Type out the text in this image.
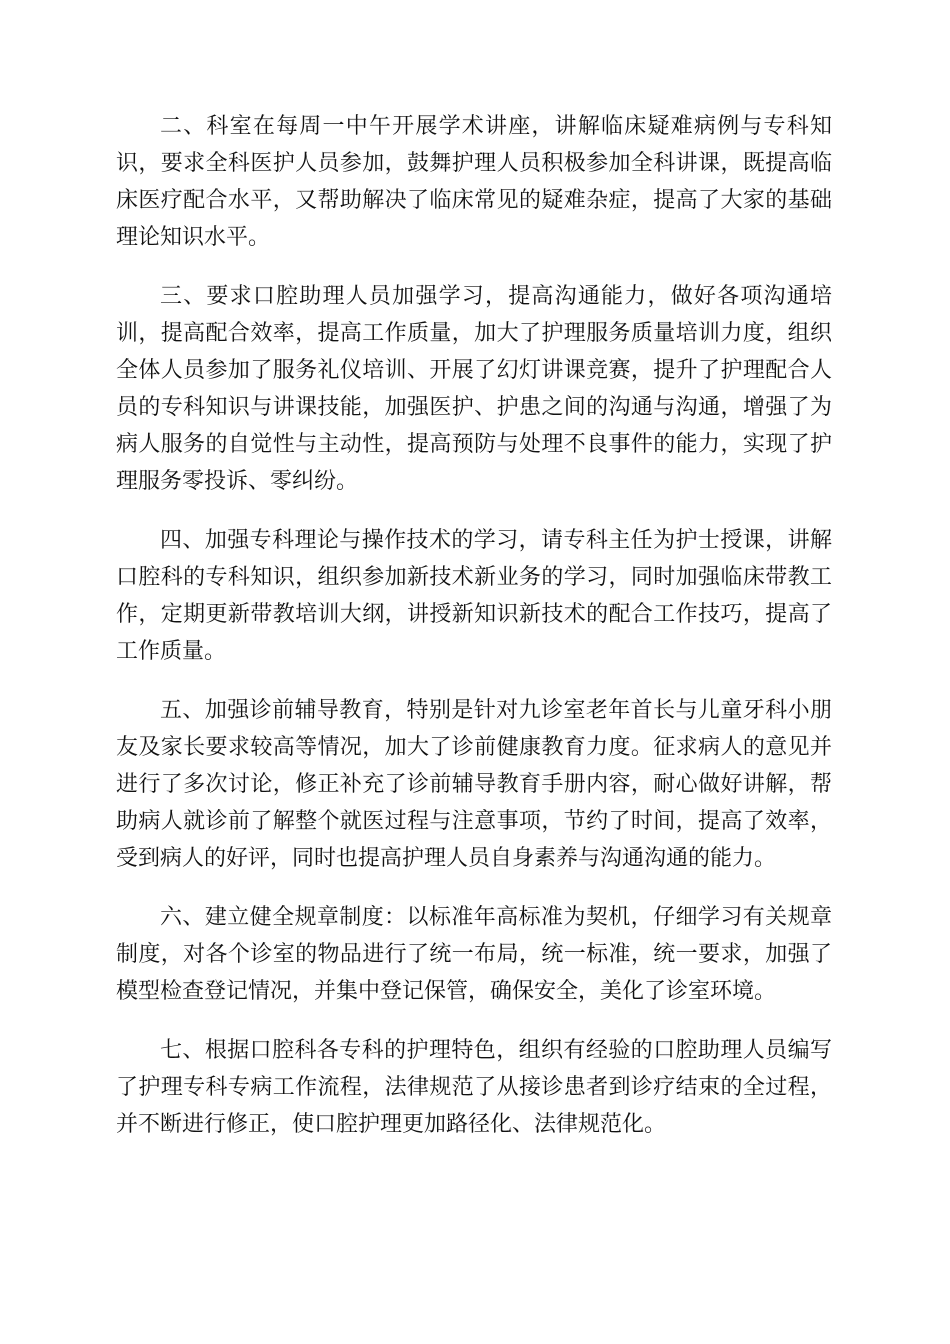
二、科室在每周一中午开展学术讲座，讲解临床疑难病例与专科知识，要求全科医护人员参加，鼓舞护理人员积极参加全科讲课，既提高临床医疗配合水平，又帮助解决了临床常见的疑难杂症，提高了大家的基础理论知识水平。

三、要求口腔助理人员加强学习，提高沟通能力，做好各项沟通培训，提高配合效率，提高工作质量，加大了护理服务质量培训力度，组织全体人员参加了服务礼仪培训、开展了幻灯讲课竞赛，提升了护理配合人员的专科知识与讲课技能，加强医护、护患之间的沟通与沟通，增强了为病人服务的自觉性与主动性，提高预防与处理不良事件的能力，实现了护理服务零投诉、零纠纷。

四、加强专科理论与操作技术的学习，请专科主任为护士授课，讲解口腔科的专科知识，组织参加新技术新业务的学习，同时加强临床带教工作，定期更新带教培训大纲，讲授新知识新技术的配合工作技巧，提高了工作质量。

五、加强诊前辅导教育，特别是针对九诊室老年首长与儿童牙科小朋友及家长要求较高等情况，加大了诊前健康教育力度。征求病人的意见并进行了多次讨论，修正补充了诊前辅导教育手册内容，耐心做好讲解，帮助病人就诊前了解整个就医过程与注意事项，节约了时间，提高了效率，受到病人的好评，同时也提高护理人员自身素养与沟通沟通的能力。

六、建立健全规章制度：以标准年高标准为契机，仔细学习有关规章制度，对各个诊室的物品进行了统一布局，统一标准，统一要求，加强了模型检查登记情况，并集中登记保管，确保安全，美化了诊室环境。

七、根据口腔科各专科的护理特色，组织有经验的口腔助理人员编写了护理专科专病工作流程，法律规范了从接诊患者到诊疗结束的全过程，并不断进行修正，使口腔护理更加路径化、法律规范化。
